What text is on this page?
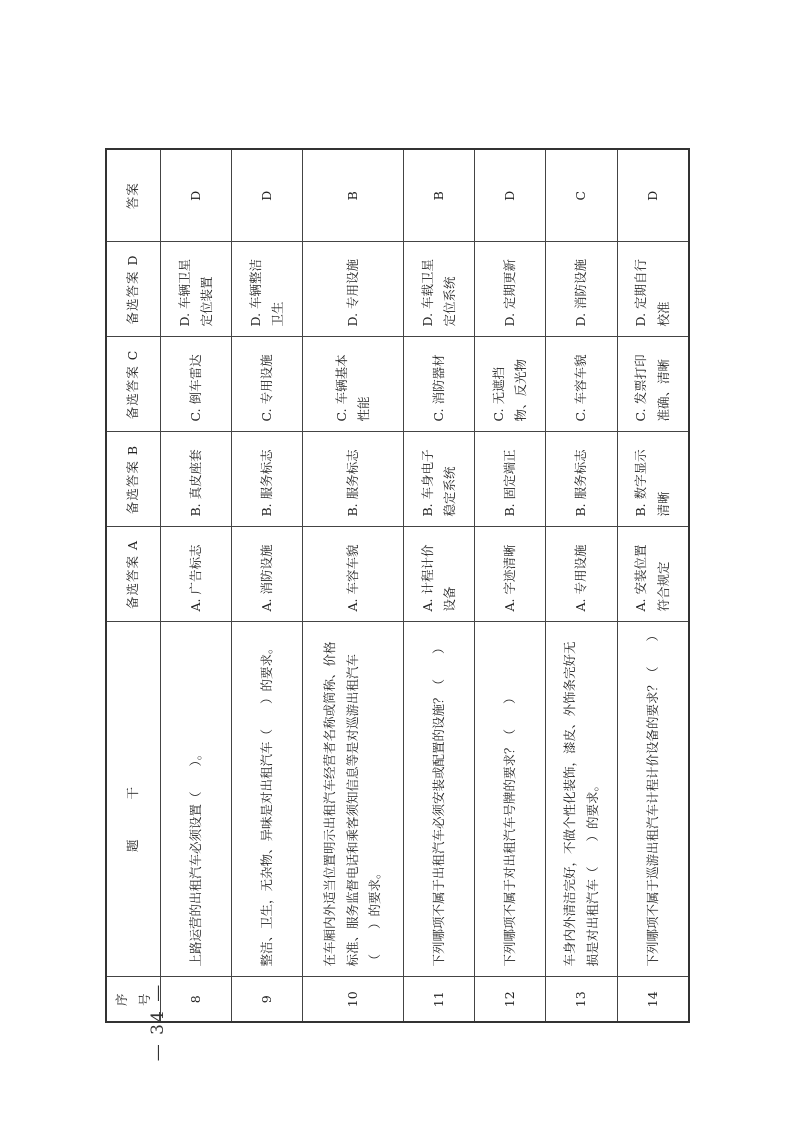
序号	题干	备选答案 A	备选答案 B	备选答案 C	备选答案 D	答案
8	上路运营的出租汽车必须设置（　　）。	A. 广告标志	B. 真皮座套	C. 倒车雷达	D. 车辆卫星定位装置	D
9	整洁、卫生，无杂物、异味是对出租汽车（　　）的要求。	A. 消防设施	B. 服务标志	C. 专用设施	D. 车辆整洁卫生	D
10	在车厢内外适当位置明示出租汽车经营者名称或简称、价格标准、服务监督电话和乘客须知信息等是对巡游出租汽车（　　）的要求。	A. 车容车貌	B. 服务标志	C. 车辆基本性能	D. 专用设施	B
11	下列哪项不属于出租汽车必须安装或配置的设施？（　　）	A. 计程计价设备	B. 车身电子稳定系统	C. 消防器材	D. 车载卫星定位系统	B
12	下列哪项不属于对出租汽车号牌的要求？（　　）	A. 字迹清晰	B. 固定端正	C. 无遮挡物、反光物	D. 定期更新	D
13	车身内外清洁完好，不做个性化装饰，漆皮、外饰条完好无损是对出租汽车（　　）的要求。	A. 专用设施	B. 服务标志	C. 车容车貌	D. 消防设施	C
14	下列哪项不属于巡游出租汽车计程计价设备的要求？（　　）	A. 安装位置符合规定	B. 数字显示清晰	C. 发票打印准确、清晰	D. 定期自行校准	D
— 34 —
